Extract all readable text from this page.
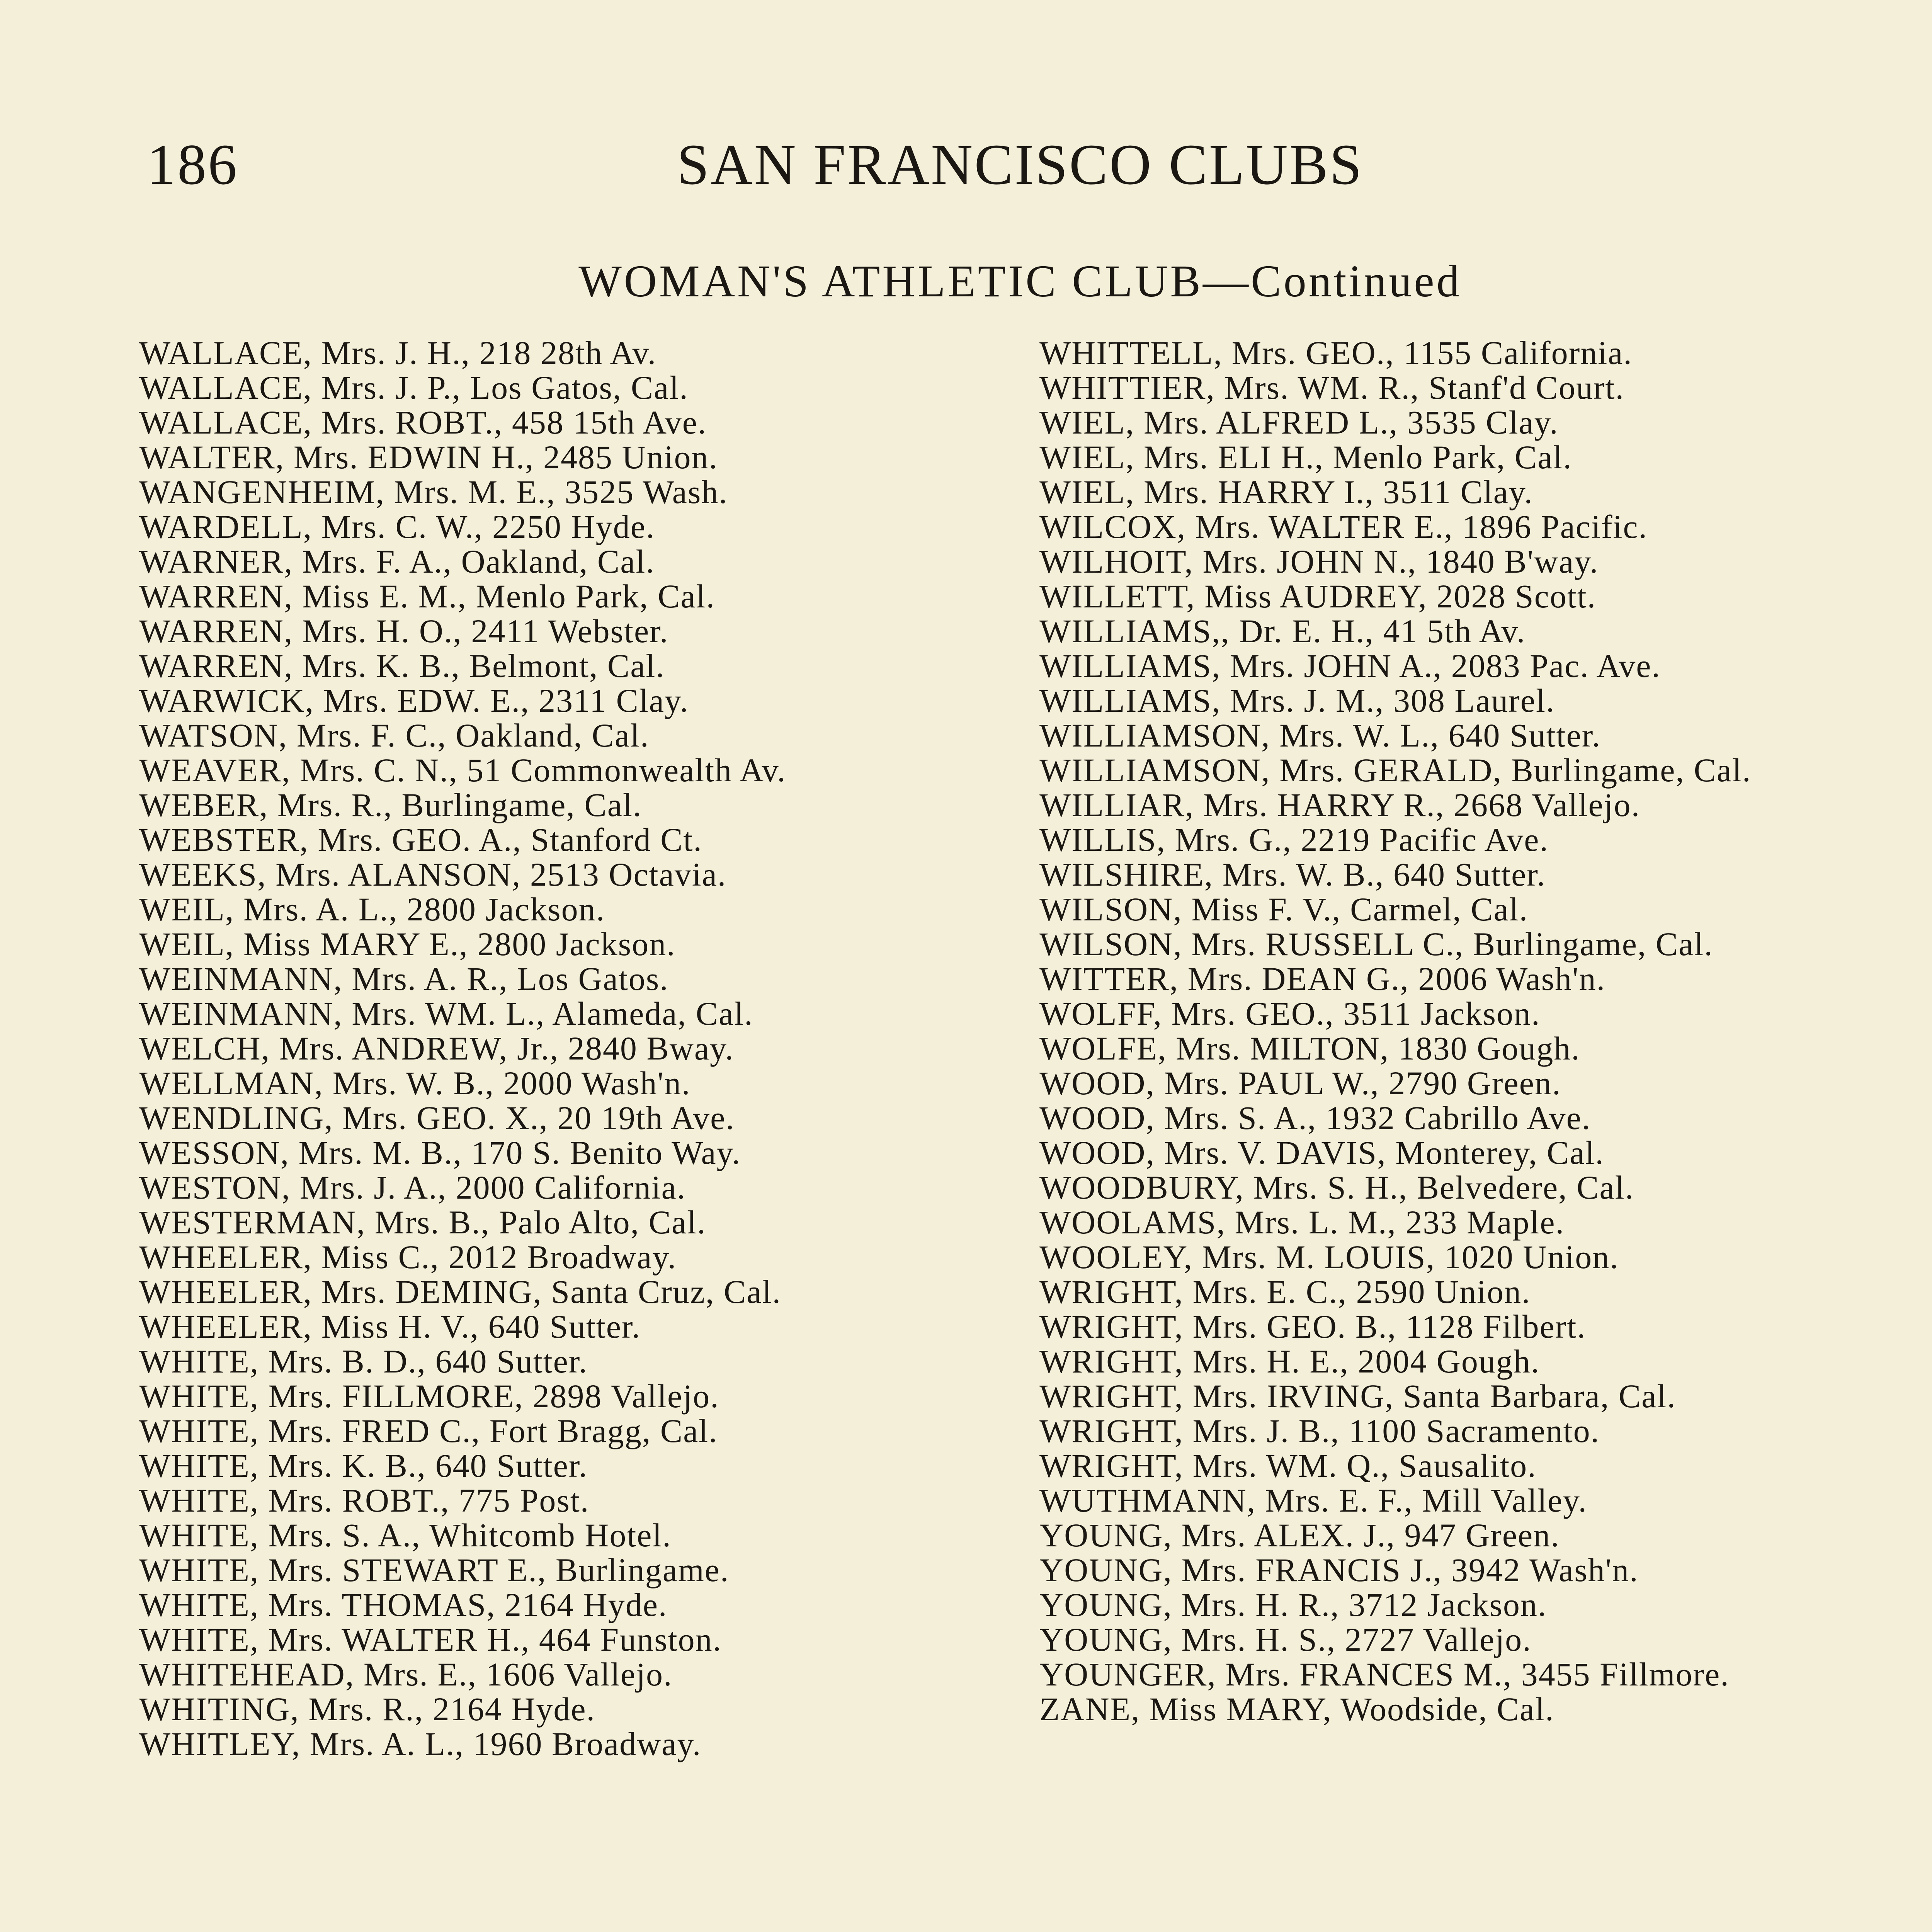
186	SAN FRANCISCO CLUBS
WOMAN'S ATHLETIC CLUB—Continued
WALLACE, Mrs. J. H., 218 28th Av.
WALLACE, Mrs. J. P., Los Gatos, Cal.
WALLACE, Mrs. ROBT., 458 15th Ave.
WALTER, Mrs. EDWIN H., 2485 Union.
WANGENHEIM, Mrs. M. E., 3525 Wash.
WARDELL, Mrs. C. W., 2250 Hyde.
WARNER, Mrs. F. A., Oakland, Cal.
WARREN, Miss E. M., Menlo Park, Cal.
WARREN, Mrs. H. O., 2411 Webster.
WARREN, Mrs. K. B., Belmont, Cal.
WARWICK, Mrs. EDW. E., 2311 Clay.
WATSON, Mrs. F. C., Oakland, Cal.
WEAVER, Mrs. C. N., 51 Commonwealth Av.
WEBER, Mrs. R., Burlingame, Cal.
WEBSTER, Mrs. GEO. A., Stanford Ct.
WEEKS, Mrs. ALANSON, 2513 Octavia.
WEIL, Mrs. A. L., 2800 Jackson.
WEIL, Miss MARY E., 2800 Jackson.
WEINMANN, Mrs. A. R., Los Gatos.
WEINMANN, Mrs. WM. L., Alameda, Cal.
WELCH, Mrs. ANDREW, Jr., 2840 Bway.
WELLMAN, Mrs. W. B., 2000 Wash'n.
WENDLING, Mrs. GEO. X., 20 19th Ave.
WESSON, Mrs. M. B., 170 S. Benito Way.
WESTON, Mrs. J. A., 2000 California.
WESTERMAN, Mrs. B., Palo Alto, Cal.
WHEELER, Miss C., 2012 Broadway.
WHEELER, Mrs. DEMING, Santa Cruz, Cal.
WHEELER, Miss H. V., 640 Sutter.
WHITE, Mrs. B. D., 640 Sutter.
WHITE, Mrs. FILLMORE, 2898 Vallejo.
WHITE, Mrs. FRED C., Fort Bragg, Cal.
WHITE, Mrs. K. B., 640 Sutter.
WHITE, Mrs. ROBT., 775 Post.
WHITE, Mrs. S. A., Whitcomb Hotel.
WHITE, Mrs. STEWART E., Burlingame.
WHITE, Mrs. THOMAS, 2164 Hyde.
WHITE, Mrs. WALTER H., 464 Funston.
WHITEHEAD, Mrs. E., 1606 Vallejo.
WHITING, Mrs. R., 2164 Hyde.
WHITLEY, Mrs. A. L., 1960 Broadway.
WHITTELL, Mrs. GEO., 1155 California.
WHITTIER, Mrs. WM. R., Stanf'd Court.
WIEL, Mrs. ALFRED L., 3535 Clay.
WIEL, Mrs. ELI H., Menlo Park, Cal.
WIEL, Mrs. HARRY I., 3511 Clay.
WILCOX, Mrs. WALTER E., 1896 Pacific.
WILHOIT, Mrs. JOHN N., 1840 B'way.
WILLETT, Miss AUDREY, 2028 Scott.
WILLIAMS,, Dr. E. H., 41 5th Av.
WILLIAMS, Mrs. JOHN A., 2083 Pac. Ave.
WILLIAMS, Mrs. J. M., 308 Laurel.
WILLIAMSON, Mrs. W. L., 640 Sutter.
WILLIAMSON, Mrs. GERALD, Burlingame, Cal.
WILLIAR, Mrs. HARRY R., 2668 Vallejo.
WILLIS, Mrs. G., 2219 Pacific Ave.
WILSHIRE, Mrs. W. B., 640 Sutter.
WILSON, Miss F. V., Carmel, Cal.
WILSON, Mrs. RUSSELL C., Burlingame, Cal.
WITTER, Mrs. DEAN G., 2006 Wash'n.
WOLFF, Mrs. GEO., 3511 Jackson.
WOLFE, Mrs. MILTON, 1830 Gough.
WOOD, Mrs. PAUL W., 2790 Green.
WOOD, Mrs. S. A., 1932 Cabrillo Ave.
WOOD, Mrs. V. DAVIS, Monterey, Cal.
WOODBURY, Mrs. S. H., Belvedere, Cal.
WOOLAMS, Mrs. L. M., 233 Maple.
WOOLEY, Mrs. M. LOUIS, 1020 Union.
WRIGHT, Mrs. E. C., 2590 Union.
WRIGHT, Mrs. GEO. B., 1128 Filbert.
WRIGHT, Mrs. H. E., 2004 Gough.
WRIGHT, Mrs. IRVING, Santa Barbara, Cal.
WRIGHT, Mrs. J. B., 1100 Sacramento.
WRIGHT, Mrs. WM. Q., Sausalito.
WUTHMANN, Mrs. E. F., Mill Valley.
YOUNG, Mrs. ALEX. J., 947 Green.
YOUNG, Mrs. FRANCIS J., 3942 Wash'n.
YOUNG, Mrs. H. R., 3712 Jackson.
YOUNG, Mrs. H. S., 2727 Vallejo.
YOUNGER, Mrs. FRANCES M., 3455 Fillmore.
ZANE, Miss MARY, Woodside, Cal.
